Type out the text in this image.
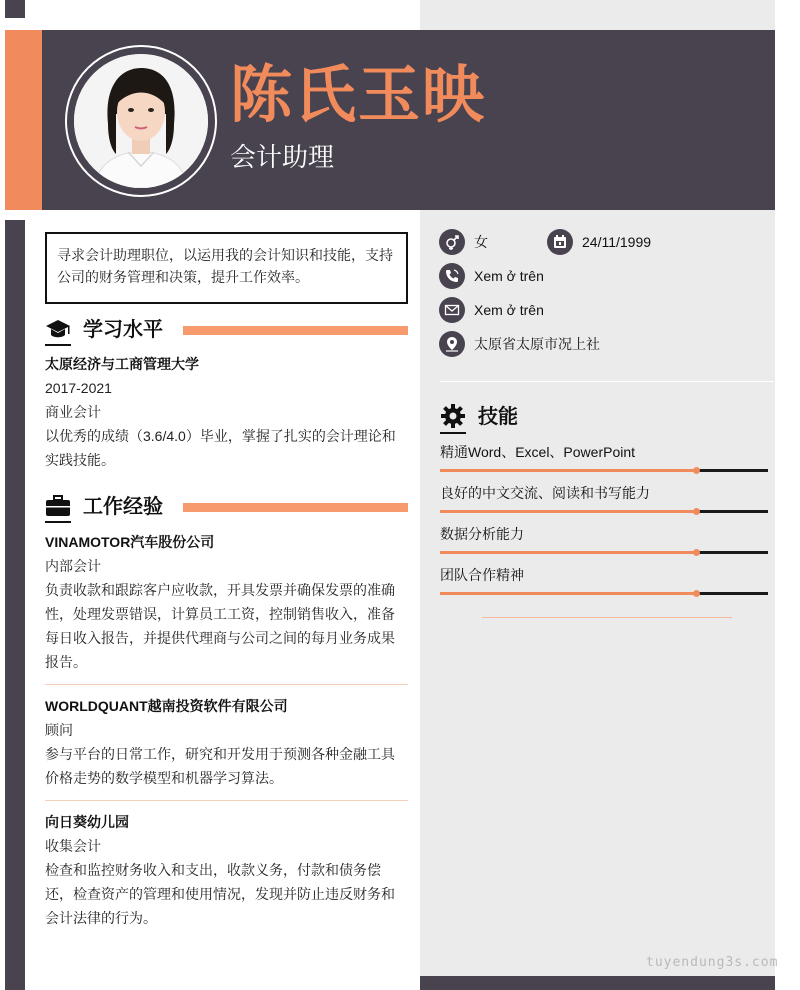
陈氏玉映
会计助理
寻求会计助理职位，以运用我的会计知识和技能，支持公司的财务管理和决策，提升工作效率。
学习水平
太原经济与工商管理大学
2017-2021
商业会计
以优秀的成绩（3.6/4.0）毕业，掌握了扎实的会计理论和实践技能。
工作经验
VINAMOTOR汽车股份公司
内部会计
负责收款和跟踪客户应收款，开具发票并确保发票的准确性，处理发票错误，计算员工工资，控制销售收入，准备每日收入报告，并提供代理商与公司之间的每月业务成果报告。
WORLDQUANT越南投资软件有限公司
顾问
参与平台的日常工作，研究和开发用于预测各种金融工具价格走势的数学模型和机器学习算法。
向日葵幼儿园
收集会计
检查和监控财务收入和支出，收款义务，付款和债务偿还，检查资产的管理和使用情况，发现并防止违反财务和会计法律的行为。
女	24/11/1999
Xem ở trên
Xem ở trên
太原省太原市况上社
技能
精通Word、Excel、PowerPoint
良好的中文交流、阅读和书写能力
数据分析能力
团队合作精神
tuyendung3s.com
